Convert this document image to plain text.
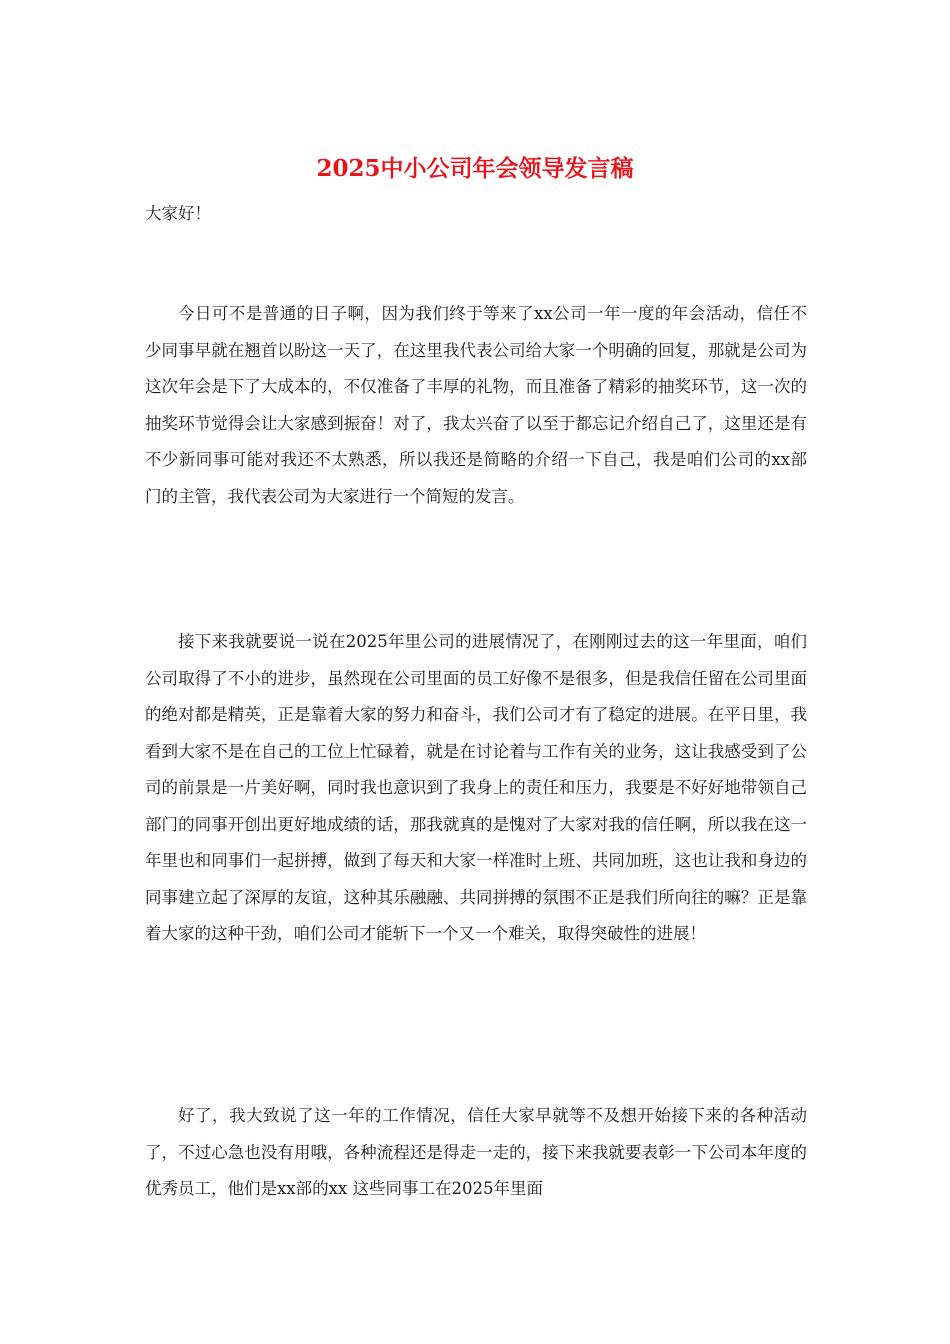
2025中小公司年会领导发言稿

大家好！

今日可不是普通的日子啊，因为我们终于等来了xx公司一年一度的年会活动，信任不少同事早就在翘首以盼这一天了，在这里我代表公司给大家一个明确的回复，那就是公司为这次年会是下了大成本的，不仅准备了丰厚的礼物，而且准备了精彩的抽奖环节，这一次的抽奖环节觉得会让大家感到振奋！对了，我太兴奋了以至于都忘记介绍自己了，这里还是有不少新同事可能对我还不太熟悉，所以我还是简略的介绍一下自己，我是咱们公司的xx部门的主管，我代表公司为大家进行一个简短的发言。

接下来我就要说一说在2025年里公司的进展情况了，在刚刚过去的这一年里面，咱们公司取得了不小的进步，虽然现在公司里面的员工好像不是很多，但是我信任留在公司里面的绝对都是精英，正是靠着大家的努力和奋斗，我们公司才有了稳定的进展。在平日里，我看到大家不是在自己的工位上忙碌着，就是在讨论着与工作有关的业务，这让我感受到了公司的前景是一片美好啊，同时我也意识到了我身上的责任和压力，我要是不好好地带领自己部门的同事开创出更好地成绩的话，那我就真的是愧对了大家对我的信任啊，所以我在这一年里也和同事们一起拼搏，做到了每天和大家一样准时上班、共同加班，这也让我和身边的同事建立起了深厚的友谊，这种其乐融融、共同拼搏的氛围不正是我们所向往的嘛？正是靠着大家的这种干劲，咱们公司才能斩下一个又一个难关，取得突破性的进展！

好了，我大致说了这一年的工作情况，信任大家早就等不及想开始接下来的各种活动了，不过心急也没有用哦，各种流程还是得走一走的，接下来我就要表彰一下公司本年度的优秀员工，他们是xx部的xx 这些同事工在2025年里面
